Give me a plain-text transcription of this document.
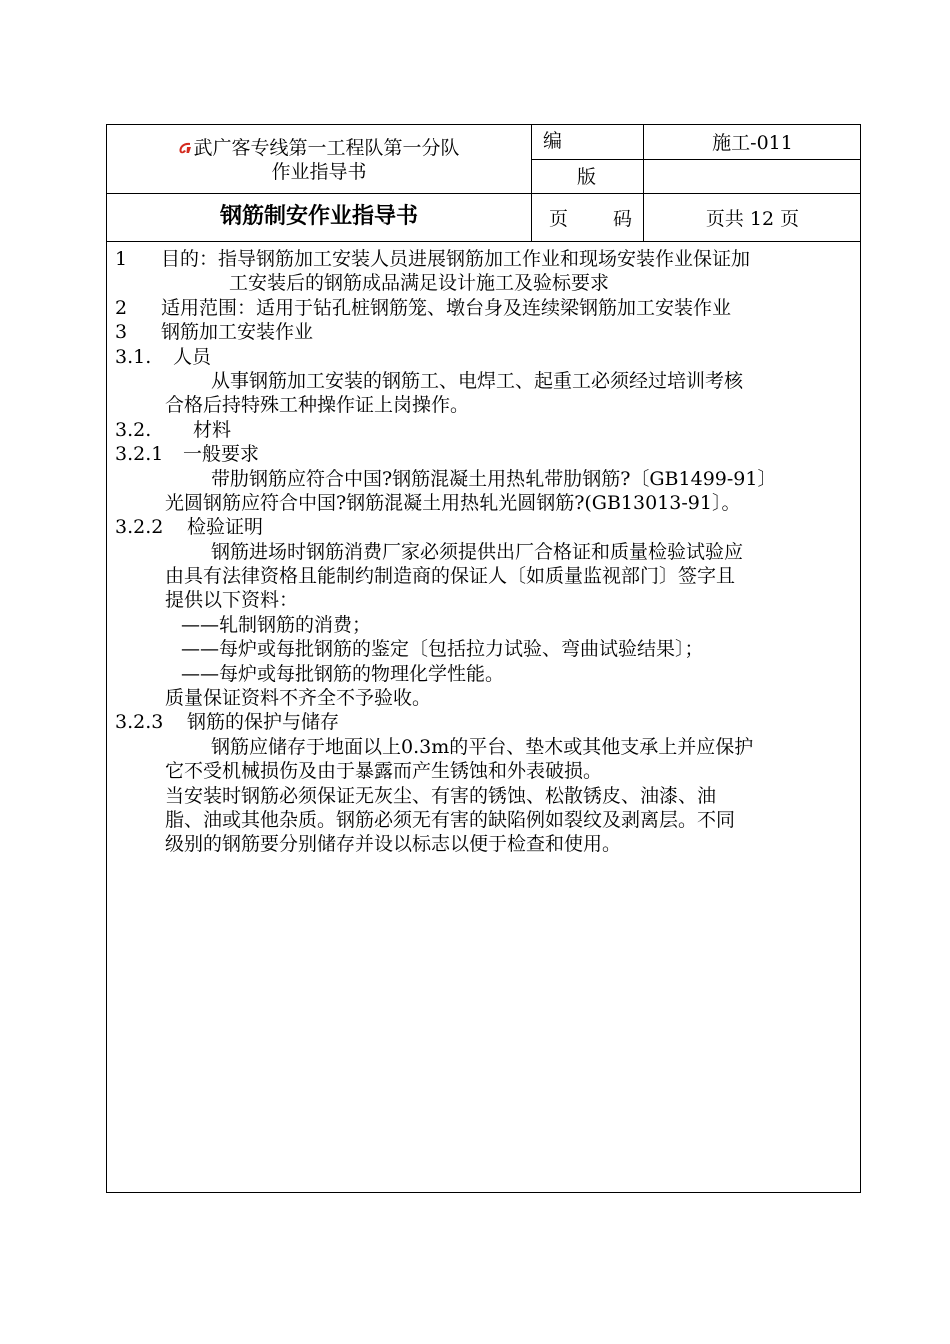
武广客专线第一工程队第一分队
作业指导书
钢筋制安作业指导书
编
版
页 码
施工-011
页共 12 页
1 目的：指导钢筋加工安装人员进展钢筋加工作业和现场安装作业保证加
工安装后的钢筋成品满足设计施工及验标要求
2 适用范围：适用于钻孔桩钢筋笼、墩台身及连续梁钢筋加工安装作业
3 钢筋加工安装作业
3.1. 人员
从事钢筋加工安装的钢筋工、电焊工、起重工必须经过培训考核
合格后持特殊工种操作证上岗操作。
3.2. 材料
3.2.1 一般要求
带肋钢筋应符合中国?钢筋混凝土用热轧带肋钢筋?〔GB1499-91〕
光圆钢筋应符合中国?钢筋混凝土用热轧光圆钢筋?(GB13013-91〕。
3.2.2 检验证明
钢筋进场时钢筋消费厂家必须提供出厂合格证和质量检验试验应
由具有法律资格且能制约制造商的保证人〔如质量监视部门〕签字且
提供以下资料：
——轧制钢筋的消费；
——每炉或每批钢筋的鉴定〔包括拉力试验、弯曲试验结果〕；
——每炉或每批钢筋的物理化学性能。
质量保证资料不齐全不予验收。
3.2.3 钢筋的保护与储存
钢筋应储存于地面以上0.3m的平台、垫木或其他支承上并应保护
它不受机械损伤及由于暴露而产生锈蚀和外表破损。
当安装时钢筋必须保证无灰尘、有害的锈蚀、松散锈皮、油漆、油
脂、油或其他杂质。钢筋必须无有害的缺陷例如裂纹及剥离层。不同
级别的钢筋要分别储存并设以标志以便于检查和使用。
